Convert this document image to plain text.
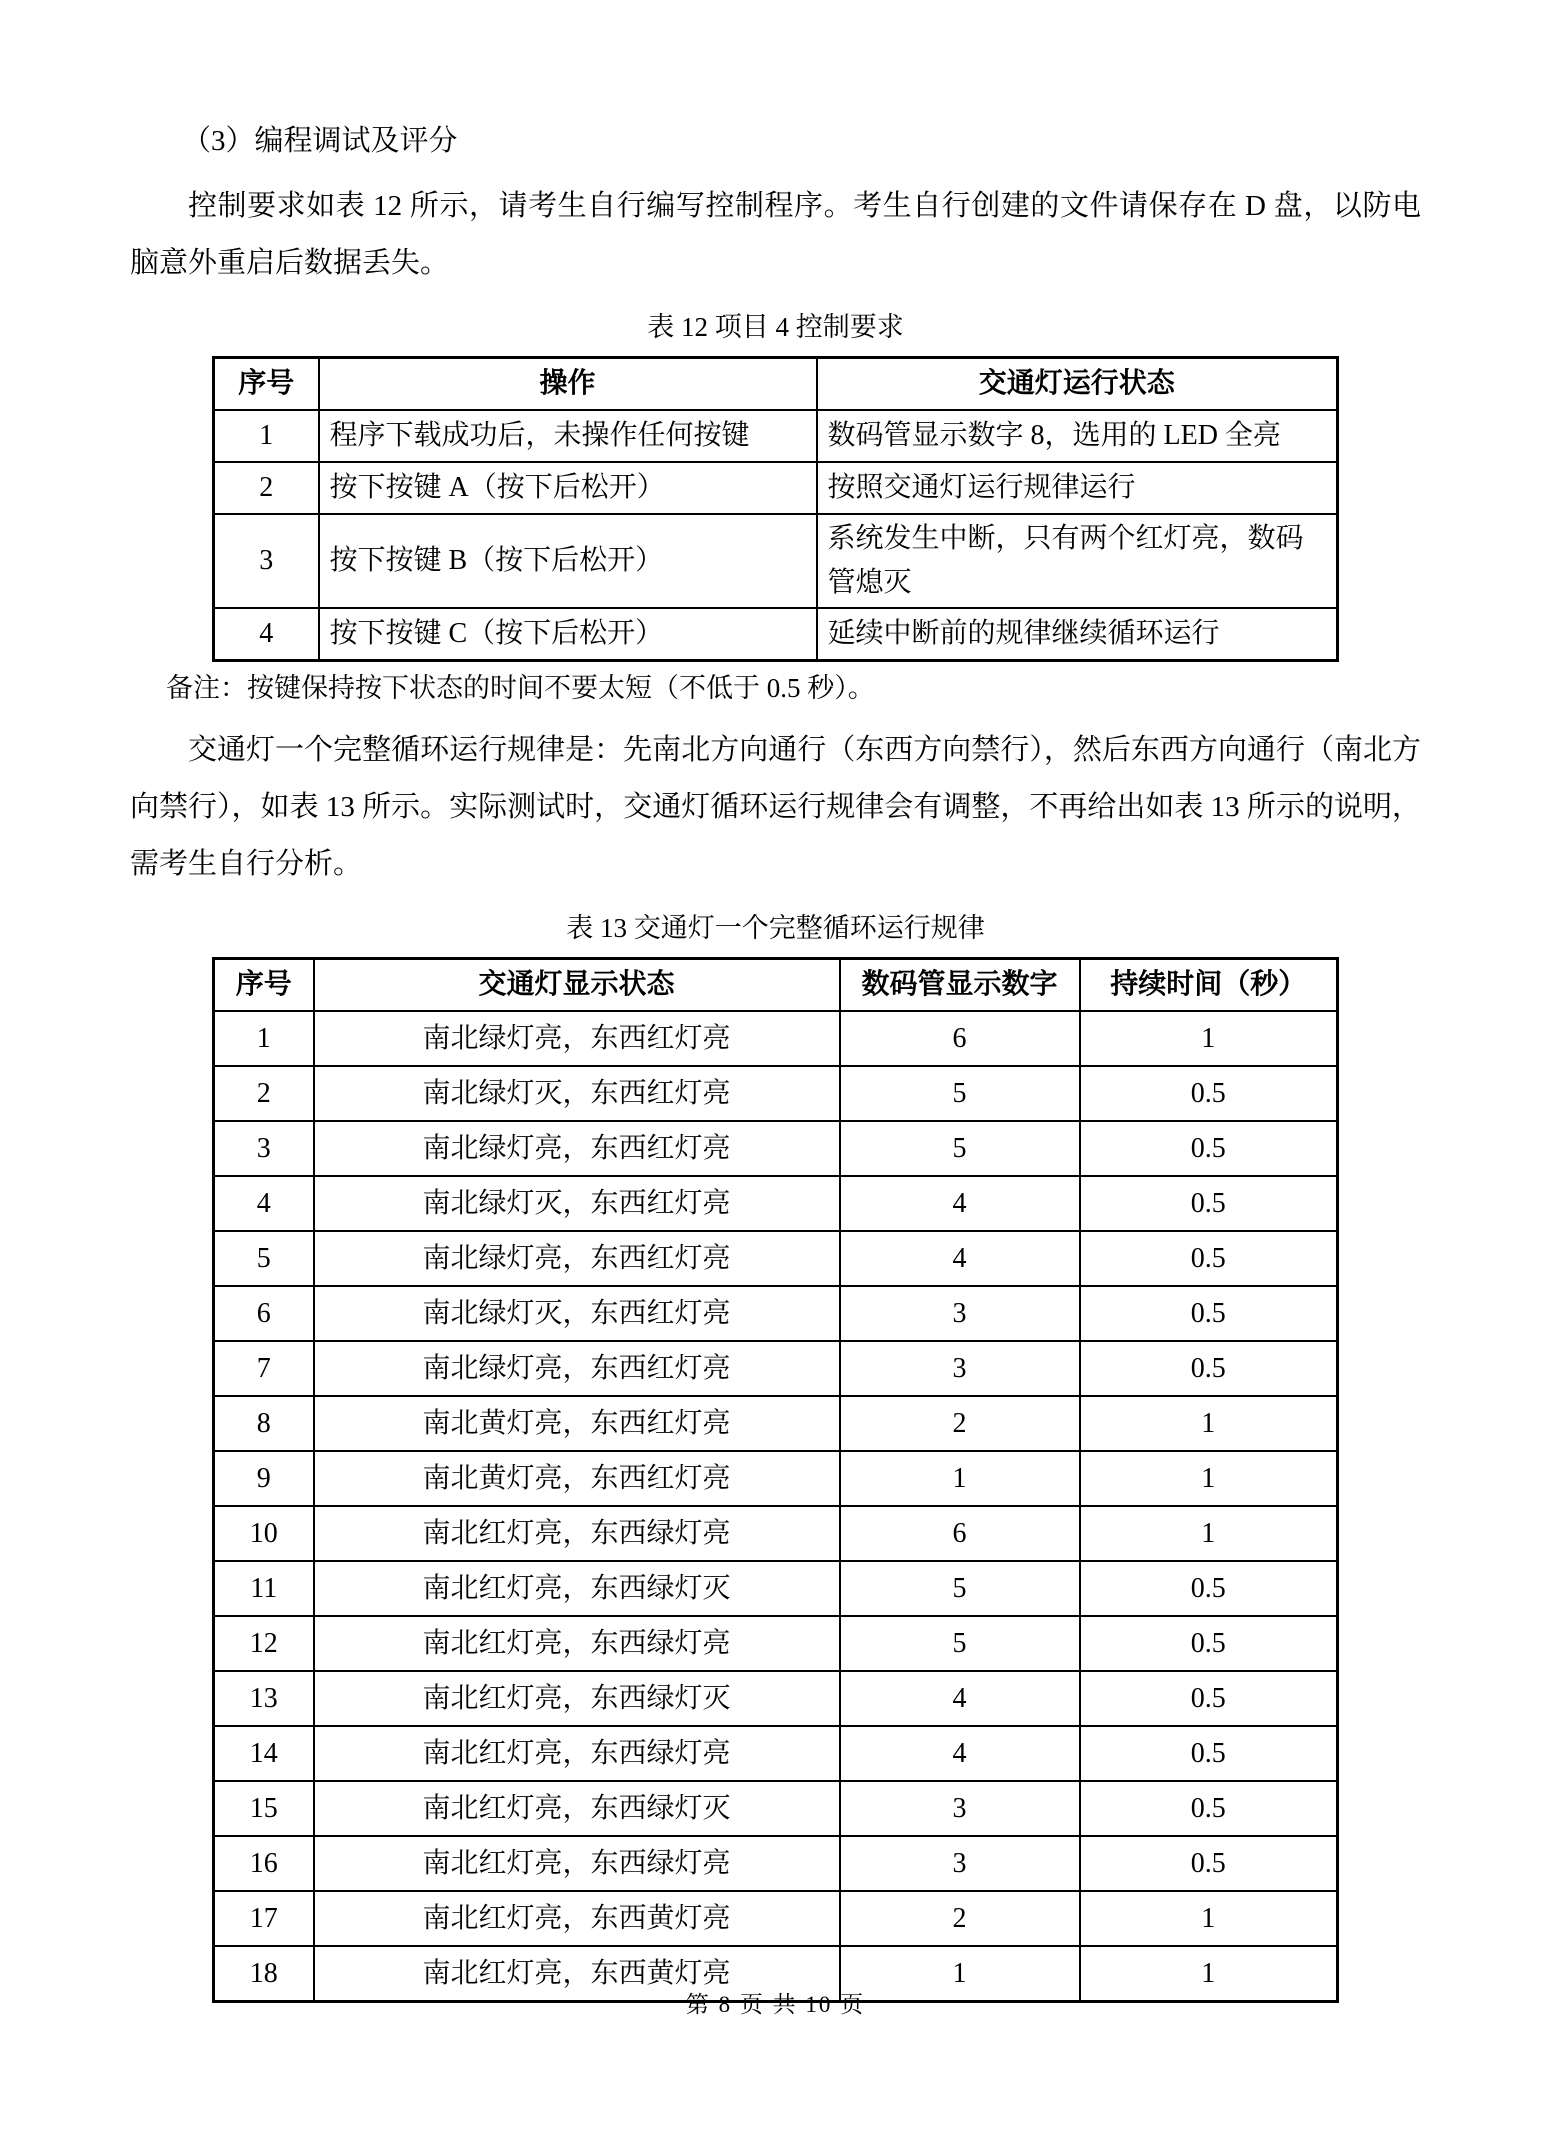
（3）编程调试及评分

控制要求如表 12 所示，请考生自行编写控制程序。考生自行创建的文件请保存在 D 盘，以防电脑意外重启后数据丢失。

表 12 项目 4 控制要求
序号	操作	交通灯运行状态
1	程序下载成功后，未操作任何按键	数码管显示数字 8，选用的 LED 全亮
2	按下按键 A（按下后松开）	按照交通灯运行规律运行
3	按下按键 B（按下后松开）	系统发生中断，只有两个红灯亮，数码管熄灭
4	按下按键 C（按下后松开）	延续中断前的规律继续循环运行

备注：按键保持按下状态的时间不要太短（不低于 0.5 秒）。

交通灯一个完整循环运行规律是：先南北方向通行（东西方向禁行），然后东西方向通行（南北方向禁行），如表 13 所示。实际测试时，交通灯循环运行规律会有调整，不再给出如表 13 所示的说明，需考生自行分析。

表 13 交通灯一个完整循环运行规律
序号	交通灯显示状态	数码管显示数字	持续时间（秒）
1	南北绿灯亮，东西红灯亮	6	1
2	南北绿灯灭，东西红灯亮	5	0.5
3	南北绿灯亮，东西红灯亮	5	0.5
4	南北绿灯灭，东西红灯亮	4	0.5
5	南北绿灯亮，东西红灯亮	4	0.5
6	南北绿灯灭，东西红灯亮	3	0.5
7	南北绿灯亮，东西红灯亮	3	0.5
8	南北黄灯亮，东西红灯亮	2	1
9	南北黄灯亮，东西红灯亮	1	1
10	南北红灯亮，东西绿灯亮	6	1
11	南北红灯亮，东西绿灯灭	5	0.5
12	南北红灯亮，东西绿灯亮	5	0.5
13	南北红灯亮，东西绿灯灭	4	0.5
14	南北红灯亮，东西绿灯亮	4	0.5
15	南北红灯亮，东西绿灯灭	3	0.5
16	南北红灯亮，东西绿灯亮	3	0.5
17	南北红灯亮，东西黄灯亮	2	1
18	南北红灯亮，东西黄灯亮	1	1
第 8 页 共 10 页
